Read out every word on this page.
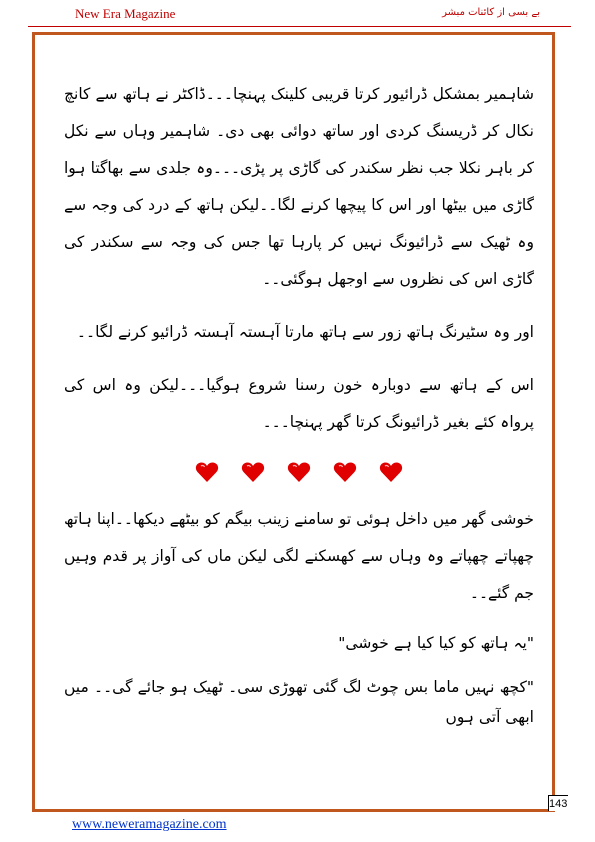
New Era Magazine	بے بسی از کائنات مبشر

شاہمیر بمشکل ڈرائیور کرتا قریبی کلینک پہنچا۔۔۔ڈاکٹر نے ہاتھ سے کانچ نکال کر ڈریسنگ کردی اور ساتھ دوائی بھی دی۔ شاہمیر وہاں سے نکل کر باہر نکلا جب نظر سکندر کی گاڑی پر پڑی۔۔۔وہ جلدی سے بھاگتا ہوا گاڑی میں بیٹھا اور اس کا پیچھا کرنے لگا۔۔لیکن ہاتھ کے درد کی وجہ سے وہ ٹھیک سے ڈرائیونگ نہیں کر پارہا تھا جس کی وجہ سے سکندر کی گاڑی اس کی نظروں سے اوجھل ہوگئی۔۔

اور وہ سٹیرنگ ہاتھ زور سے ہاتھ مارتا آہستہ آہستہ ڈرائیو کرنے لگا۔۔

اس کے ہاتھ سے دوبارہ خون رسنا شروع ہوگیا۔۔۔لیکن وہ اس کی پرواہ کئے بغیر ڈرائیونگ کرتا گھر پہنچا۔۔۔

خوشی گھر میں داخل ہوئی تو سامنے زینب بیگم کو بیٹھے دیکھا۔۔اپنا ہاتھ چھپاتے چھپاتے وہ وہاں سے کھسکنے لگی لیکن ماں کی آواز پر قدم وہیں جم گئے۔۔

"یہ ہاتھ کو کیا کیا ہے خوشی"

"کچھ نہیں ماما بس چوٹ لگ گئی تھوڑی سی۔ ٹھیک ہو جائے گی۔۔ میں ابھی آتی ہوں

143
www.neweramagazine.com
